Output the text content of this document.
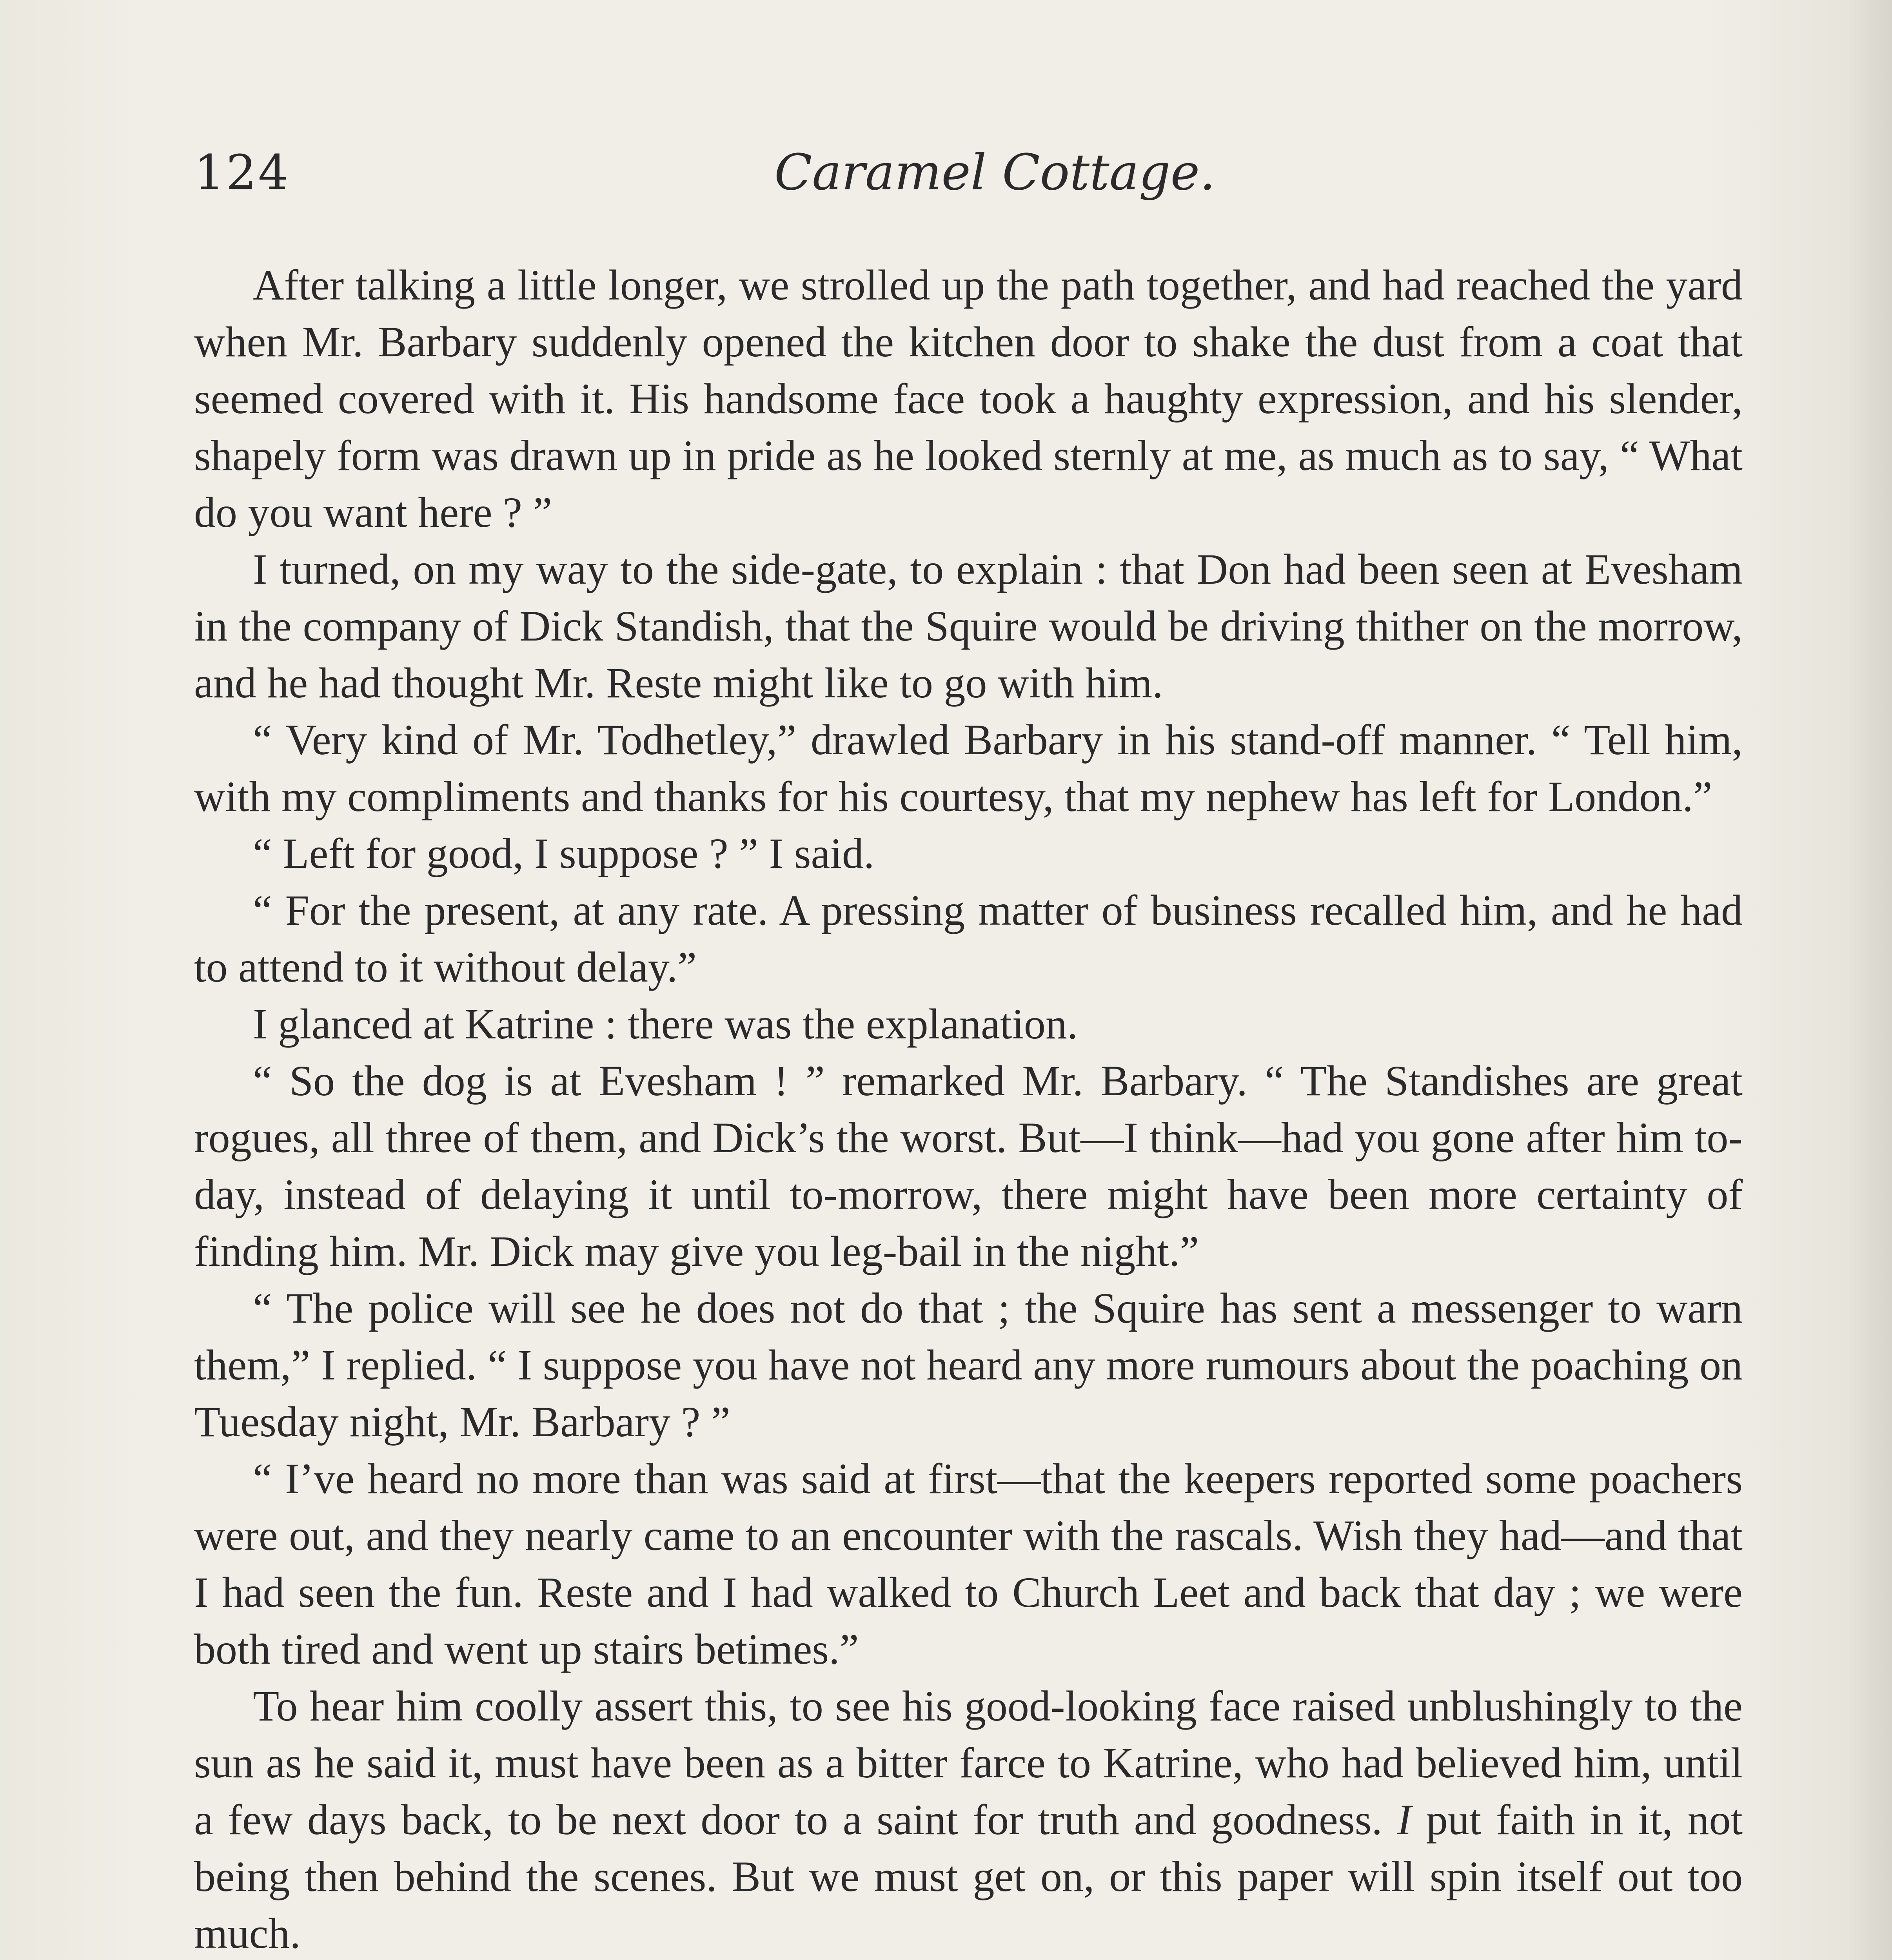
124	Caramel Cottage.

After talking a little longer, we strolled up the path together, and had reached the yard when Mr. Barbary suddenly opened the kitchen door to shake the dust from a coat that seemed covered with it. His handsome face took a haughty expression, and his slender, shapely form was drawn up in pride as he looked sternly at me, as much as to say, “ What do you want here ? ”

I turned, on my way to the side-gate, to explain : that Don had been seen at Evesham in the company of Dick Standish, that the Squire would be driving thither on the morrow, and he had thought Mr. Reste might like to go with him.

“ Very kind of Mr. Todhetley,” drawled Barbary in his stand-off manner. “ Tell him, with my compliments and thanks for his courtesy, that my nephew has left for London.”

“ Left for good, I suppose ? ” I said.

“ For the present, at any rate. A pressing matter of business recalled him, and he had to attend to it without delay.”

I glanced at Katrine : there was the explanation.

“ So the dog is at Evesham ! ” remarked Mr. Barbary. “ The Standishes are great rogues, all three of them, and Dick’s the worst. But—I think—had you gone after him to-day, instead of delaying it until to-morrow, there might have been more certainty of finding him. Mr. Dick may give you leg-bail in the night.”

“ The police will see he does not do that ; the Squire has sent a messenger to warn them,” I replied. “ I suppose you have not heard any more rumours about the poaching on Tuesday night, Mr. Barbary ? ”

“ I’ve heard no more than was said at first—that the keepers reported some poachers were out, and they nearly came to an encounter with the rascals. Wish they had—and that I had seen the fun. Reste and I had walked to Church Leet and back that day ; we were both tired and went up stairs betimes.”

To hear him coolly assert this, to see his good-looking face raised unblushingly to the sun as he said it, must have been as a bitter farce to Katrine, who had believed him, until a few days back, to be next door to a saint for truth and goodness. I put faith in it, not being then behind the scenes. But we must get on, or this paper will spin itself out too much.
